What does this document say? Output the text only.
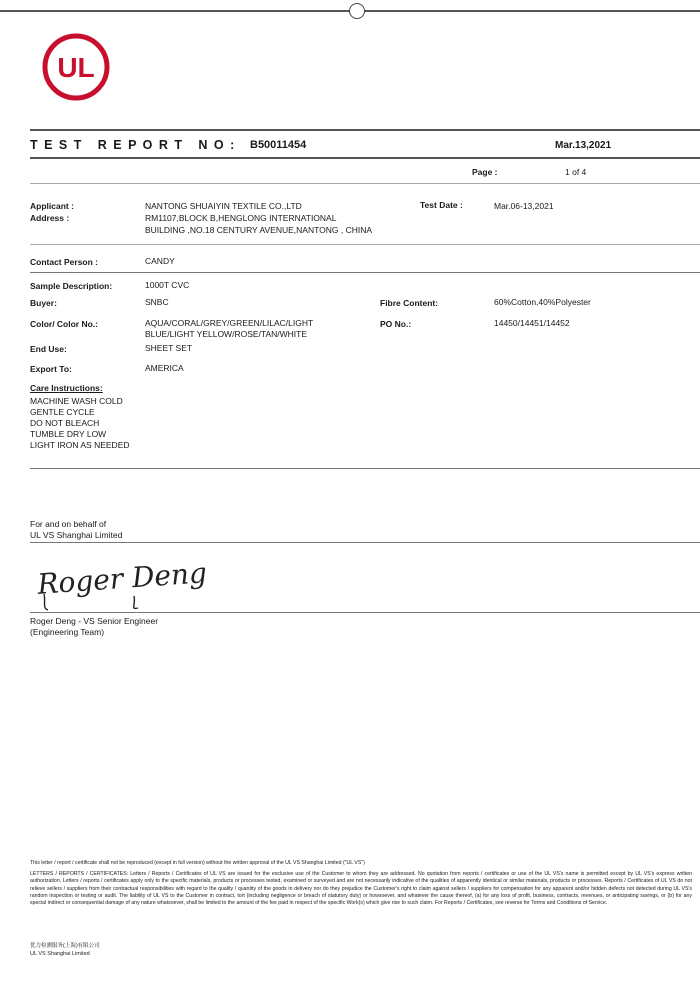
UL
T E S T   R E P O R T   N O : B50011454	Mar.13,2021
Page :	1 of 4
Applicant :	NANTONG SHUAIYIN TEXTILE CO.,LTD	Test Date :	Mar.06-13,2021
Address :	RM1107,BLOCK B,HENGLONG INTERNATIONAL
BUILDING ,NO.18 CENTURY AVENUE,NANTONG , CHINA
Contact Person :	CANDY
Sample Description:	1000T CVC
Buyer:	SNBC	Fibre Content:	60%Cotton,40%Polyester
Color/ Color No.:	AQUA/CORAL/GREY/GREEN/LILAC/LIGHT
BLUE/LIGHT YELLOW/ROSE/TAN/WHITE
PO No.:	14450/14451/14452
End Use:	SHEET SET
Export To:	AMERICA
Care Instructions:
MACHINE WASH COLD
GENTLE CYCLE
DO NOT BLEACH
TUMBLE DRY LOW
LIGHT IRON AS NEEDED
For and on behalf of
UL VS Shanghai Limited
Roger Deng
Roger Deng - VS Senior Engineer
(Engineering Team)
This letter / report / certificate shall not be reproduced (except in full version) without the written approval of the UL VS Shanghai Limited ("UL VS")
LETTERS / REPORTS / CERTIFICATES: Letters / Reports / Certificates of UL VS are issued for the exclusive use of the Customer to whom they are addressed. No quotation from reports / certificates or use of the UL VS's name is permitted except by UL VS's express written authorization. Letters / reports / certificates apply only to the specific materials, products or processes tested, examined or surveyed and are not necessarily indicative of the qualities of apparently identical or similar materials, products or processes. Reports / Certificates of UL VS do not relieve sellers / suppliers from their contractual responsibilities with regard to the quality / quantity of the goods in delivery nor do they prejudice the Customer's right to claim against sellers / suppliers for compensation for any apparent and/or hidden defects not detected during UL VS's random inspection or testing or audit. The liability of UL VS to the Customer in contract, tort (including negligence or breach of statutory duty) or howsoever, and whatever the cause thereof, (a) for any loss of profit, business, contracts, revenues, or anticipating savings, or (b) for any special indirect or consequential damage of any nature whatsoever, shall be limited to the amount of the fee paid in respect of the specific Work(s) which give rise to such claim. For Reports / Certificates, see reverse for Terms and Conditions of Service.
优力检测服务(上海)有限公司
UL VS Shanghai Limited
